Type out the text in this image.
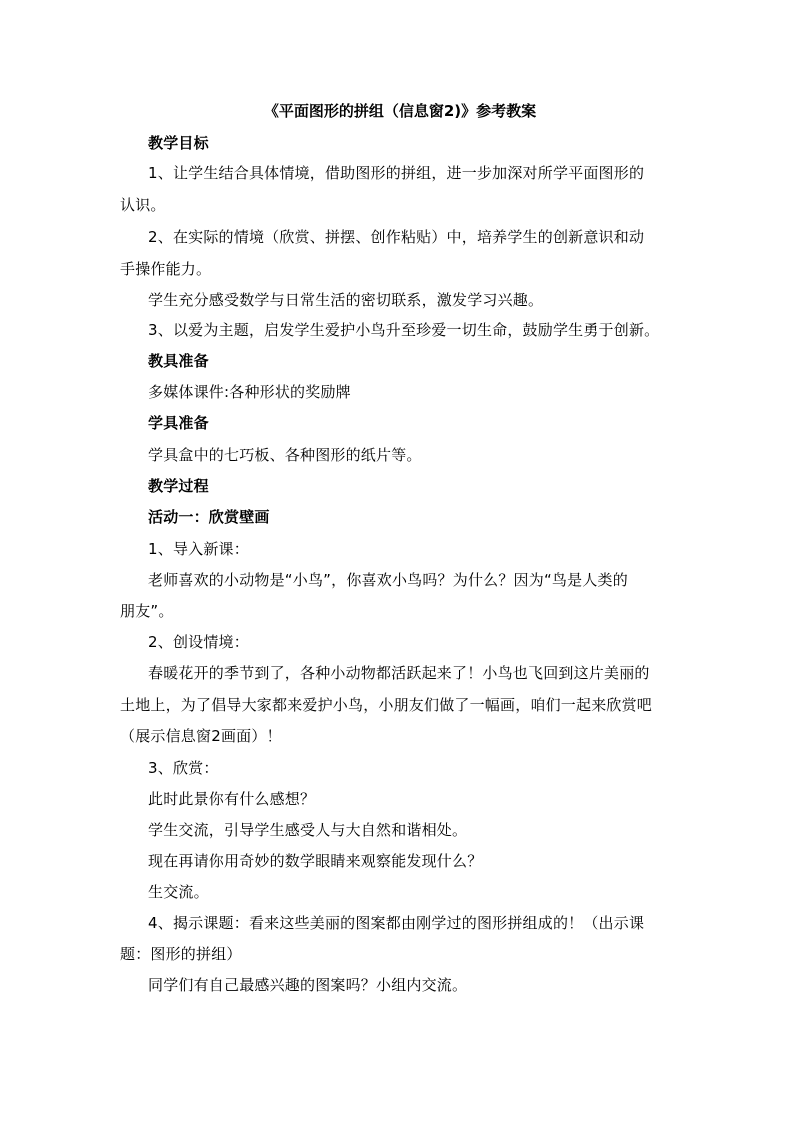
《平面图形的拼组（信息窗2)》参考教案
教学目标
1、让学生结合具体情境，借助图形的拼组，进一步加深对所学平面图形的
认识。
2、在实际的情境（欣赏、拼摆、创作粘贴）中，培养学生的创新意识和动
手操作能力。
学生充分感受数学与日常生活的密切联系，激发学习兴趣。
3、以爱为主题，启发学生爱护小鸟升至珍爱一切生命，鼓励学生勇于创新。
教具准备
多媒体课件:各种形状的奖励牌
学具准备
学具盒中的七巧板、各种图形的纸片等。
教学过程
活动一：欣赏壁画
1、导入新课：
老师喜欢的小动物是“小鸟”，你喜欢小鸟吗？为什么？因为“鸟是人类的
朋友”。
2、创设情境：
春暖花开的季节到了，各种小动物都活跃起来了！小鸟也飞回到这片美丽的
土地上，为了倡导大家都来爱护小鸟，小朋友们做了一幅画，咱们一起来欣赏吧
（展示信息窗2画面）！
3、欣赏：
此时此景你有什么感想？
学生交流，引导学生感受人与大自然和谐相处。
现在再请你用奇妙的数学眼睛来观察能发现什么？
生交流。
4、揭示课题：看来这些美丽的图案都由刚学过的图形拼组成的！（出示课
题：图形的拼组）
同学们有自己最感兴趣的图案吗？小组内交流。
